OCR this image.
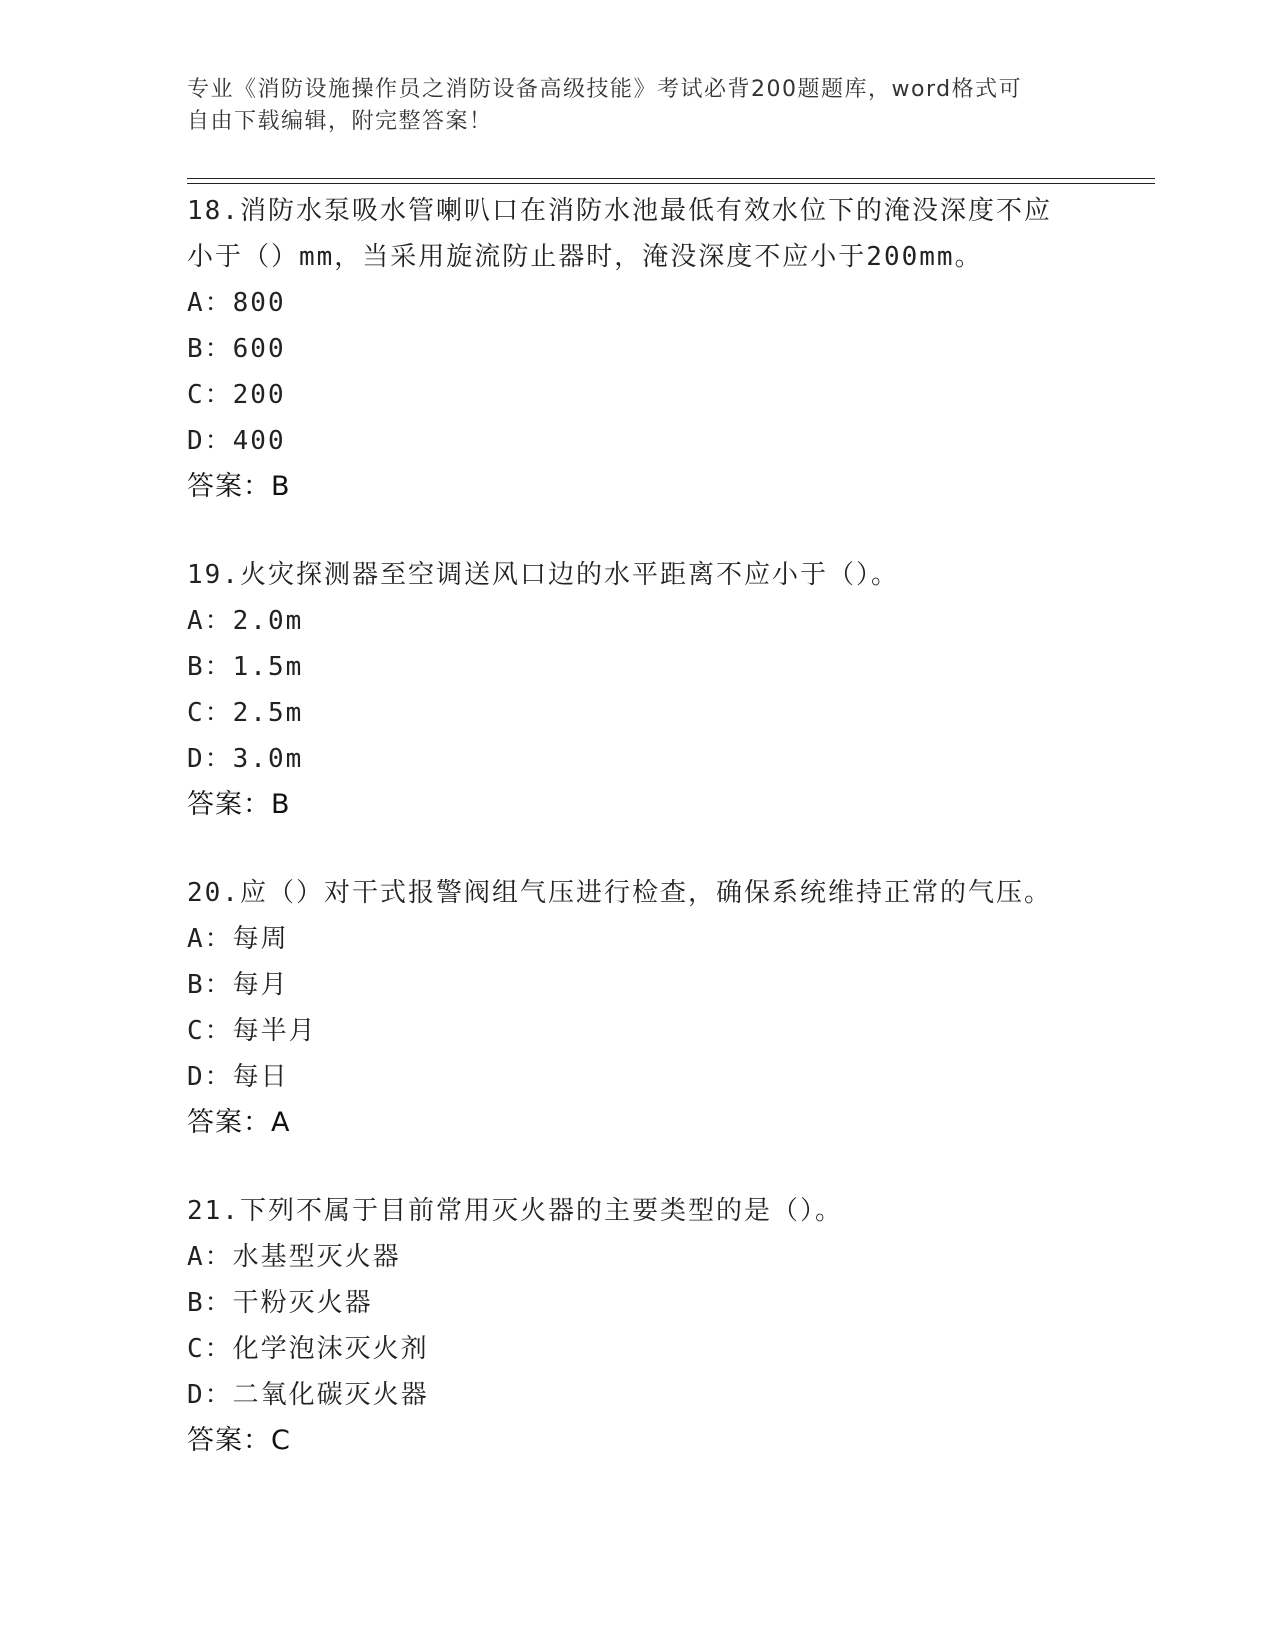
专业《消防设施操作员之消防设备高级技能》考试必背200题题库，word格式可
自由下载编辑，附完整答案！
18.消防水泵吸水管喇叭口在消防水池最低有效水位下的淹没深度不应
小于（）mm，当采用旋流防止器时，淹没深度不应小于200mm。
A：800
B：600
C：200
D：400
答案：B
19.火灾探测器至空调送风口边的水平距离不应小于（）。
A：2.0m
B：1.5m
C：2.5m
D：3.0m
答案：B
20.应（）对干式报警阀组气压进行检查，确保系统维持正常的气压。
A：每周
B：每月
C：每半月
D：每日
答案：A
21.下列不属于目前常用灭火器的主要类型的是（）。
A：水基型灭火器
B：干粉灭火器
C：化学泡沫灭火剂
D：二氧化碳灭火器
答案：C
